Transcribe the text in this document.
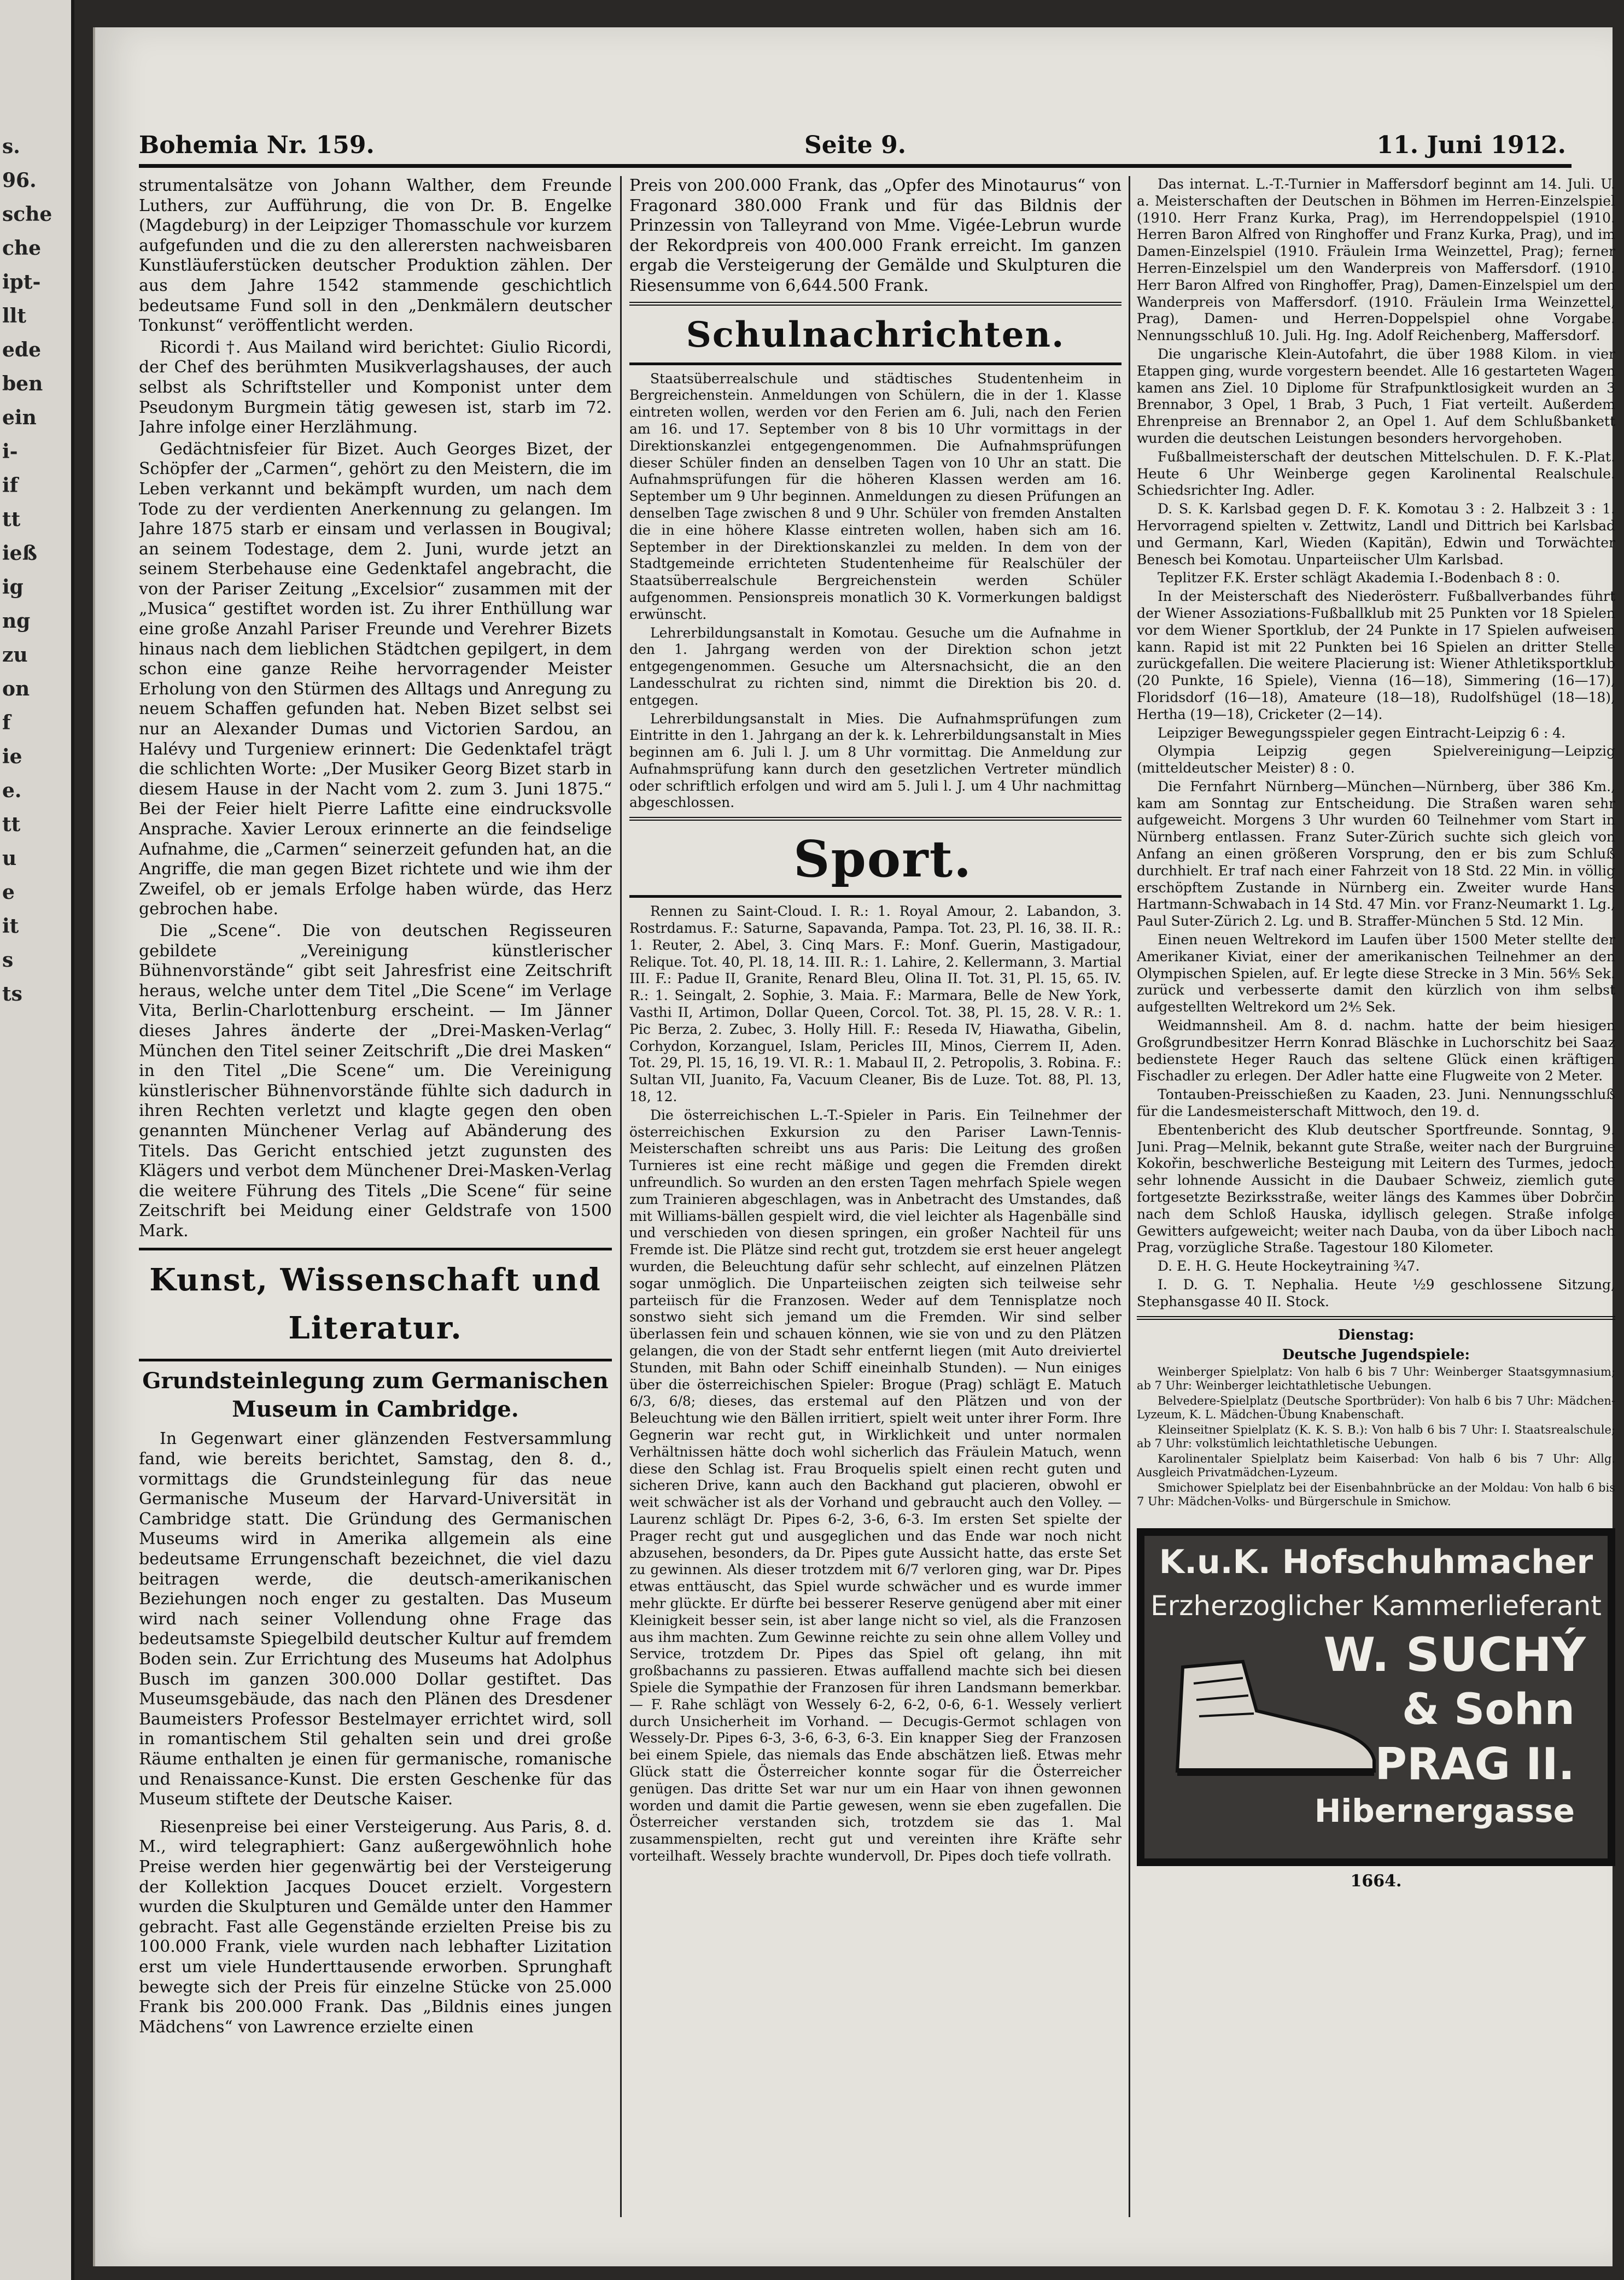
s.
96.
sche
che
ipt-
llt
ede
ben
ein
i-
if
tt
ieß
ig
ng
zu
on
f
ie
e.
tt
u
e
it
s
ts
Bohemia Nr. 159.	Seite 9.	11. Juni 1912.

strumentalsätze von Johann Walther, dem Freunde Luthers, zur Aufführung, die von Dr. B. Engelke (Magdeburg) in der Leipziger Thomasschule vor kurzem aufgefunden und die zu den allerersten nachweisbaren Kunstläuferstücken deutscher Produktion zählen. Der aus dem Jahre 1542 stammende geschichtlich bedeutsame Fund soll in den „Denkmälern deutscher Tonkunst“ veröffentlicht werden.

Ricordi †. Aus Mailand wird berichtet: Giulio Ricordi, der Chef des berühmten Musikverlagshauses, der auch selbst als Schriftsteller und Komponist unter dem Pseudonym Burgmein tätig gewesen ist, starb im 72. Jahre infolge einer Herzlähmung.

Gedächtnisfeier für Bizet. Auch Georges Bizet, der Schöpfer der „Carmen“, gehört zu den Meistern, die im Leben verkannt und bekämpft wurden, um nach dem Tode zu der verdienten Anerkennung zu gelangen. Im Jahre 1875 starb er einsam und verlassen in Bougival; an seinem Todestage, dem 2. Juni, wurde jetzt an seinem Sterbehause eine Gedenktafel angebracht, die von der Pariser Zeitung „Excelsior“ zusammen mit der „Musica“ gestiftet worden ist. Zu ihrer Enthüllung war eine große Anzahl Pariser Freunde und Verehrer Bizets hinaus nach dem lieblichen Städtchen gepilgert, in dem schon eine ganze Reihe hervorragender Meister Erholung von den Stürmen des Alltags und Anregung zu neuem Schaffen gefunden hat. Neben Bizet selbst sei nur an Alexander Dumas und Victorien Sardou, an Halévy und Turgeniew erinnert: Die Gedenktafel trägt die schlichten Worte: „Der Musiker Georg Bizet starb in diesem Hause in der Nacht vom 2. zum 3. Juni 1875.“ Bei der Feier hielt Pierre Lafitte eine eindrucksvolle Ansprache. Xavier Leroux erinnerte an die feindselige Aufnahme, die „Carmen“ seinerzeit gefunden hat, an die Angriffe, die man gegen Bizet richtete und wie ihm der Zweifel, ob er jemals Erfolge haben würde, das Herz gebrochen habe.

Die „Scene“. Die von deutschen Regisseuren gebildete „Vereinigung künstlerischer Bühnenvorstände“ gibt seit Jahresfrist eine Zeitschrift heraus, welche unter dem Titel „Die Scene“ im Verlage Vita, Berlin-Charlottenburg erscheint. — Im Jänner dieses Jahres änderte der „Drei-Masken-Verlag“ München den Titel seiner Zeitschrift „Die drei Masken“ in den Titel „Die Scene“ um. Die Vereinigung künstlerischer Bühnenvorstände fühlte sich dadurch in ihren Rechten verletzt und klagte gegen den oben genannten Münchener Verlag auf Abänderung des Titels. Das Gericht entschied jetzt zugunsten des Klägers und verbot dem Münchener Drei-Masken-Verlag die weitere Führung des Titels „Die Scene“ für seine Zeitschrift bei Meidung einer Geldstrafe von 1500 Mark.

Kunst, Wissenschaft und Literatur.
Grundsteinlegung zum Germanischen Museum in Cambridge.

In Gegenwart einer glänzenden Festversammlung fand, wie bereits berichtet, Samstag, den 8. d., vormittags die Grundsteinlegung für das neue Germanische Museum der Harvard-Universität in Cambridge statt. Die Gründung des Germanischen Museums wird in Amerika allgemein als eine bedeutsame Errungenschaft bezeichnet, die viel dazu beitragen werde, die deutsch-amerikanischen Beziehungen noch enger zu gestalten. Das Museum wird nach seiner Vollendung ohne Frage das bedeutsamste Spiegelbild deutscher Kultur auf fremdem Boden sein. Zur Errichtung des Museums hat Adolphus Busch im ganzen 300.000 Dollar gestiftet. Das Museumsgebäude, das nach den Plänen des Dresdener Baumeisters Professor Bestelmayer errichtet wird, soll in romantischem Stil gehalten sein und drei große Räume enthalten je einen für germanische, romanische und Renaissance-Kunst. Die ersten Geschenke für das Museum stiftete der Deutsche Kaiser.

Riesenpreise bei einer Versteigerung. Aus Paris, 8. d. M., wird telegraphiert: Ganz außergewöhnlich hohe Preise werden hier gegenwärtig bei der Versteigerung der Kollektion Jacques Doucet erzielt. Vorgestern wurden die Skulpturen und Gemälde unter den Hammer gebracht. Fast alle Gegenstände erzielten Preise bis zu 100.000 Frank, viele wurden nach lebhafter Lizitation erst um viele Hunderttausende erworben. Sprunghaft bewegte sich der Preis für einzelne Stücke von 25.000 Frank bis 200.000 Frank. Das „Bildnis eines jungen Mädchens“ von Lawrence erzielte einen

Preis von 200.000 Frank, das „Opfer des Minotaurus“ von Fragonard 380.000 Frank und für das Bildnis der Prinzessin von Talleyrand von Mme. Vigée-Lebrun wurde der Rekordpreis von 400.000 Frank erreicht. Im ganzen ergab die Versteigerung der Gemälde und Skulpturen die Riesensumme von 6,644.500 Frank.

Schulnachrichten.

Staatsüberrealschule und städtisches Studentenheim in Bergreichenstein. Anmeldungen von Schülern, die in der 1. Klasse eintreten wollen, werden vor den Ferien am 6. Juli, nach den Ferien am 16. und 17. September von 8 bis 10 Uhr vormittags in der Direktionskanzlei entgegengenommen. Die Aufnahmsprüfungen dieser Schüler finden an denselben Tagen von 10 Uhr an statt. Die Aufnahmsprüfungen für die höheren Klassen werden am 16. September um 9 Uhr beginnen. Anmeldungen zu diesen Prüfungen an denselben Tage zwischen 8 und 9 Uhr. Schüler von fremden Anstalten die in eine höhere Klasse eintreten wollen, haben sich am 16. September in der Direktionskanzlei zu melden. In dem von der Stadtgemeinde errichteten Studentenheime für Realschüler der Staatsüberrealschule Bergreichenstein werden Schüler aufgenommen. Pensionspreis monatlich 30 K. Vormerkungen baldigst erwünscht.

Lehrerbildungsanstalt in Komotau. Gesuche um die Aufnahme in den 1. Jahrgang werden von der Direktion schon jetzt entgegengenommen. Gesuche um Altersnachsicht, die an den Landesschulrat zu richten sind, nimmt die Direktion bis 20. d. entgegen.

Lehrerbildungsanstalt in Mies. Die Aufnahmsprüfungen zum Eintritte in den 1. Jahrgang an der k. k. Lehrerbildungsanstalt in Mies beginnen am 6. Juli l. J. um 8 Uhr vormittag. Die Anmeldung zur Aufnahmsprüfung kann durch den gesetzlichen Vertreter mündlich oder schriftlich erfolgen und wird am 5. Juli l. J. um 4 Uhr nachmittag abgeschlossen.

Sport.

Rennen zu Saint-Cloud. I. R.: 1. Royal Amour, 2. Labandon, 3. Rostrdamus. F.: Saturne, Sapavanda, Pampa. Tot. 23, Pl. 16, 38. II. R.: 1. Reuter, 2. Abel, 3. Cinq Mars. F.: Monf. Guerin, Mastigadour, Relique. Tot. 40, Pl. 18, 14. III. R.: 1. Lahire, 2. Kellermann, 3. Martial III. F.: Padue II, Granite, Renard Bleu, Olina II. Tot. 31, Pl. 15, 65. IV. R.: 1. Seingalt, 2. Sophie, 3. Maia. F.: Marmara, Belle de New York, Vasthi II, Artimon, Dollar Queen, Corcol. Tot. 38, Pl. 15, 28. V. R.: 1. Pic Berza, 2. Zubec, 3. Holly Hill. F.: Reseda IV, Hiawatha, Gibelin, Corhydon, Korzanguel, Islam, Pericles III, Minos, Cierrem II, Aden. Tot. 29, Pl. 15, 16, 19. VI. R.: 1. Mabaul II, 2. Petropolis, 3. Robina. F.: Sultan VII, Juanito, Fa, Vacuum Cleaner, Bis de Luze. Tot. 88, Pl. 13, 18, 12.

Die österreichischen L.-T.-Spieler in Paris. Ein Teilnehmer der österreichischen Exkursion zu den Pariser Lawn-Tennis-Meisterschaften schreibt uns aus Paris: Die Leitung des großen Turnieres ist eine recht mäßige und gegen die Fremden direkt unfreundlich. So wurden an den ersten Tagen mehrfach Spiele wegen zum Trainieren abgeschlagen, was in Anbetracht des Umstandes, daß mit Williams-bällen gespielt wird, die viel leichter als Hagenbälle sind und verschieden von diesen springen, ein großer Nachteil für uns Fremde ist. Die Plätze sind recht gut, trotzdem sie erst heuer angelegt wurden, die Beleuchtung dafür sehr schlecht, auf einzelnen Plätzen sogar unmöglich. Die Unparteiischen zeigten sich teilweise sehr parteiisch für die Franzosen. Weder auf dem Tennisplatze noch sonstwo sieht sich jemand um die Fremden. Wir sind selber überlassen fein und schauen können, wie sie von und zu den Plätzen gelangen, die von der Stadt sehr entfernt liegen (mit Auto dreiviertel Stunden, mit Bahn oder Schiff eineinhalb Stunden). — Nun einiges über die österreichischen Spieler: Brogue (Prag) schlägt E. Matuch 6/3, 6/8; dieses, das erstemal auf den Plätzen und von der Beleuchtung wie den Bällen irritiert, spielt weit unter ihrer Form. Ihre Gegnerin war recht gut, in Wirklichkeit und unter normalen Verhältnissen hätte doch wohl sicherlich das Fräulein Matuch, wenn diese den Schlag ist. Frau Broquelis spielt einen recht guten und sicheren Drive, kann auch den Backhand gut placieren, obwohl er weit schwächer ist als der Vorhand und gebraucht auch den Volley. — Laurenz schlägt Dr. Pipes 6-2, 3-6, 6-3. Im ersten Set spielte der Prager recht gut und ausgeglichen und das Ende war noch nicht abzusehen, besonders, da Dr. Pipes gute Aussicht hatte, das erste Set zu gewinnen. Als dieser trotzdem mit 6/7 verloren ging, war Dr. Pipes etwas enttäuscht, das Spiel wurde schwächer und es wurde immer mehr glückte. Er dürfte bei besserer Reserve genügend aber mit einer Kleinigkeit besser sein, ist aber lange nicht so viel, als die Franzosen aus ihm machten. Zum Gewinne reichte zu sein ohne allem Volley und Service, trotzdem Dr. Pipes das Spiel oft gelang, ihn mit großbachanns zu passieren. Etwas auffallend machte sich bei diesen Spiele die Sympathie der Franzosen für ihren Landsmann bemerkbar. — F. Rahe schlägt von Wessely 6-2, 6-2, 0-6, 6-1. Wessely verliert durch Unsicherheit im Vorhand. — Decugis-Germot schlagen von Wessely-Dr. Pipes 6-3, 3-6, 6-3, 6-3. Ein knapper Sieg der Franzosen bei einem Spiele, das niemals das Ende abschätzen ließ. Etwas mehr Glück statt die Österreicher konnte sogar für die Österreicher genügen. Das dritte Set war nur um ein Haar von ihnen gewonnen worden und damit die Partie gewesen, wenn sie eben zugefallen. Die Österreicher verstanden sich, trotzdem sie das 1. Mal zusammenspielten, recht gut und vereinten ihre Kräfte sehr vorteilhaft. Wessely brachte wundervoll, Dr. Pipes doch tiefe vollrath.

Das internat. L.-T.-Turnier in Maffersdorf beginnt am 14. Juli. U. a. Meisterschaften der Deutschen in Böhmen im Herren-Einzelspiel (1910. Herr Franz Kurka, Prag), im Herrendoppelspiel (1910. Herren Baron Alfred von Ringhoffer und Franz Kurka, Prag), und im Damen-Einzelspiel (1910. Fräulein Irma Weinzettel, Prag); ferner Herren-Einzelspiel um den Wanderpreis von Maffersdorf. (1910. Herr Baron Alfred von Ringhoffer, Prag), Damen-Einzelspiel um den Wanderpreis von Maffersdorf. (1910. Fräulein Irma Weinzettel, Prag), Damen- und Herren-Doppelspiel ohne Vorgabe. Nennungsschluß 10. Juli. Hg. Ing. Adolf Reichenberg, Maffersdorf.

Die ungarische Klein-Autofahrt, die über 1988 Kilom. in vier Etappen ging, wurde vorgestern beendet. Alle 16 gestarteten Wagen kamen ans Ziel. 10 Diplome für Strafpunktlosigkeit wurden an 3 Brennabor, 3 Opel, 1 Brab, 3 Puch, 1 Fiat verteilt. Außerdem Ehrenpreise an Brennabor 2, an Opel 1. Auf dem Schlußbankett wurden die deutschen Leistungen besonders hervorgehoben.

Fußballmeisterschaft der deutschen Mittelschulen. D. F. K.-Plat. Heute 6 Uhr Weinberge gegen Karolinental Realschule. Schiedsrichter Ing. Adler.

D. S. K. Karlsbad gegen D. F. K. Komotau 3 : 2. Halbzeit 3 : 1. Hervorragend spielten v. Zettwitz, Landl und Dittrich bei Karlsbad und Germann, Karl, Wieden (Kapitän), Edwin und Torwächter Benesch bei Komotau. Unparteiischer Ulm Karlsbad.

Teplitzer F.K. Erster schlägt Akademia I.-Bodenbach 8 : 0.

In der Meisterschaft des Niederösterr. Fußballverbandes führt der Wiener Assoziations-Fußballklub mit 25 Punkten vor 18 Spielen vor dem Wiener Sportklub, der 24 Punkte in 17 Spielen aufweisen kann. Rapid ist mit 22 Punkten bei 16 Spielen an dritter Stelle zurückgefallen. Die weitere Placierung ist: Wiener Athletiksportklub (20 Punkte, 16 Spiele), Vienna (16—18), Simmering (16—17), Floridsdorf (16—18), Amateure (18—18), Rudolfshügel (18—18), Hertha (19—18), Cricketer (2—14).

Leipziger Bewegungsspieler gegen Eintracht-Leipzig 6 : 4.

Olympia Leipzig gegen Spielvereinigung—Leipzig (mitteldeutscher Meister) 8 : 0.

Die Fernfahrt Nürnberg—München—Nürnberg, über 386 Km., kam am Sonntag zur Entscheidung. Die Straßen waren sehr aufgeweicht. Morgens 3 Uhr wurden 60 Teilnehmer vom Start in Nürnberg entlassen. Franz Suter-Zürich suchte sich gleich von Anfang an einen größeren Vorsprung, den er bis zum Schluß durchhielt. Er traf nach einer Fahrzeit von 18 Std. 22 Min. in völlig erschöpftem Zustande in Nürnberg ein. Zweiter wurde Hans Hartmann-Schwabach in 14 Std. 47 Min. vor Franz-Neumarkt 1. Lg., Paul Suter-Zürich 2. Lg. und B. Straffer-München 5 Std. 12 Min.

Einen neuen Weltrekord im Laufen über 1500 Meter stellte der Amerikaner Kiviat, einer der amerikanischen Teilnehmer an den Olympischen Spielen, auf. Er legte diese Strecke in 3 Min. 56⅘ Sek. zurück und verbesserte damit den kürzlich von ihm selbst aufgestellten Weltrekord um 2⅘ Sek.

Weidmannsheil. Am 8. d. nachm. hatte der beim hiesigen Großgrundbesitzer Herrn Konrad Bläschke in Luchorschitz bei Saaz bedienstete Heger Rauch das seltene Glück einen kräftigen Fischadler zu erlegen. Der Adler hatte eine Flugweite von 2 Meter.

Tontauben-Preisschießen zu Kaaden, 23. Juni. Nennungsschluß für die Landesmeisterschaft Mittwoch, den 19. d.

Ebentenbericht des Klub deutscher Sportfreunde. Sonntag, 9. Juni. Prag—Melnik, bekannt gute Straße, weiter nach der Burgruine Kokořin, beschwerliche Besteigung mit Leitern des Turmes, jedoch sehr lohnende Aussicht in die Daubaer Schweiz, ziemlich gute fortgesetzte Bezirksstraße, weiter längs des Kammes über Dobrčin nach dem Schloß Hauska, idyllisch gelegen. Straße infolge Gewitters aufgeweicht; weiter nach Dauba, von da über Liboch nach Prag, vorzügliche Straße. Tagestour 180 Kilometer.

D. E. H. G. Heute Hockeytraining ¾7.

I. D. G. T. Nephalia. Heute ½9 geschlossene Sitzung, Stephansgasse 40 II. Stock.

Dienstag:
Deutsche Jugendspiele:

Weinberger Spielplatz: Von halb 6 bis 7 Uhr: Weinberger Staatsgymnasium; ab 7 Uhr: Weinberger leichtathletische Uebungen.

Belvedere-Spielplatz (Deutsche Sportbrüder): Von halb 6 bis 7 Uhr: Mädchen-Lyzeum, K. L. Mädchen-Übung Knabenschaft.

Kleinseitner Spielplatz (K. K. S. B.): Von halb 6 bis 7 Uhr: I. Staatsrealschule; ab 7 Uhr: volkstümlich leichtathletische Uebungen.

Karolinentaler Spielplatz beim Kaiserbad: Von halb 6 bis 7 Uhr: Allg. Ausgleich Privatmädchen-Lyzeum.

Smichower Spielplatz bei der Eisenbahnbrücke an der Moldau: Von halb 6 bis 7 Uhr: Mädchen-Volks- und Bürgerschule in Smichow.

K.u.K. Hofschuhmacher
Erzherzoglicher Kammerlieferant
W. SUCHÝ
& Sohn
PRAG II.
Hibernergasse
1664.
